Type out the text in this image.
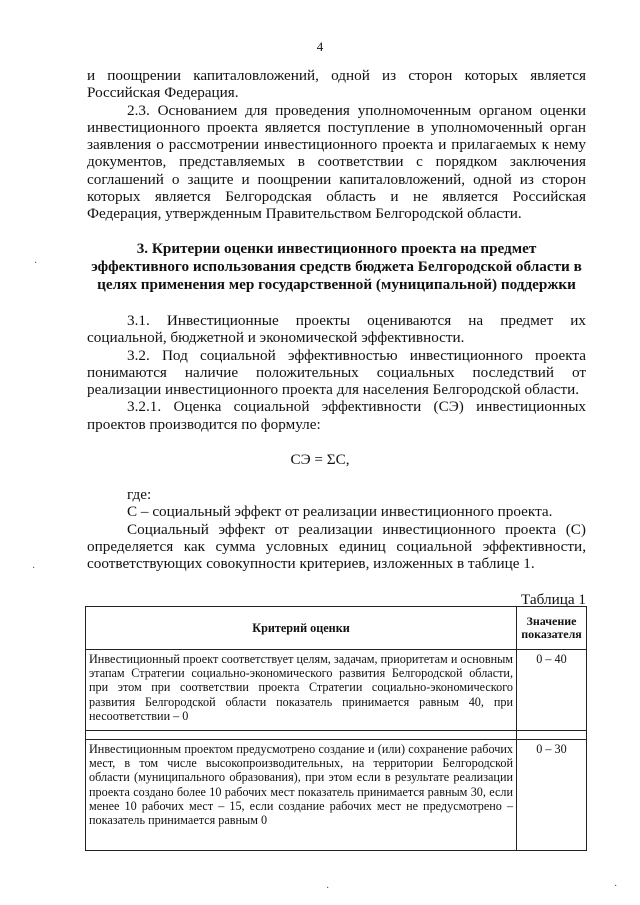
4

и поощрении капиталовложений, одной из сторон которых является Российская Федерация.

2.3. Основанием для проведения уполномоченным органом оценки инвестиционного проекта является поступление в уполномоченный орган заявления о рассмотрении инвестиционного проекта и прилагаемых к нему документов, представляемых в соответствии с порядком заключения соглашений о защите и поощрении капиталовложений, одной из сторон которых является Белгородская область и не является Российская Федерация, утвержденным Правительством Белгородской области.

3. Критерии оценки инвестиционного проекта на предмет эффективного использования средств бюджета Белгородской области в целях применения мер государственной (муниципальной) поддержки

3.1. Инвестиционные проекты оцениваются на предмет их социальной, бюджетной и экономической эффективности.

3.2. Под социальной эффективностью инвестиционного проекта понимаются наличие положительных социальных последствий от реализации инвестиционного проекта для населения Белгородской области.

3.2.1. Оценка социальной эффективности (СЭ) инвестиционных проектов производится по формуле:

СЭ = ΣС,

где:

С – социальный эффект от реализации инвестиционного проекта.

Социальный эффект от реализации инвестиционного проекта (С) определяется как сумма условных единиц социальной эффективности, соответствующих совокупности критериев, изложенных в таблице 1.

Таблица 1
Критерий оценки	Значение показателя
Инвестиционный проект соответствует целям, задачам, приоритетам и основным этапам Стратегии социально-экономического развития Белгородской области, при этом при соответствии проекта Стратегии социально-экономического развития Белгородской области показатель принимается равным 40, при несоответствии – 0	0 – 40

Инвестиционным проектом предусмотрено создание и (или) сохранение рабочих мест, в том числе высокопроизводительных, на территории Белгородской области (муниципального образования), при этом если в результате реализации проекта создано более 10 рабочих мест показатель принимается равным 30, если менее 10 рабочих мест – 15, если создание рабочих мест не предусмотрено – показатель принимается равным 0	0 – 30
·
·
·	·
